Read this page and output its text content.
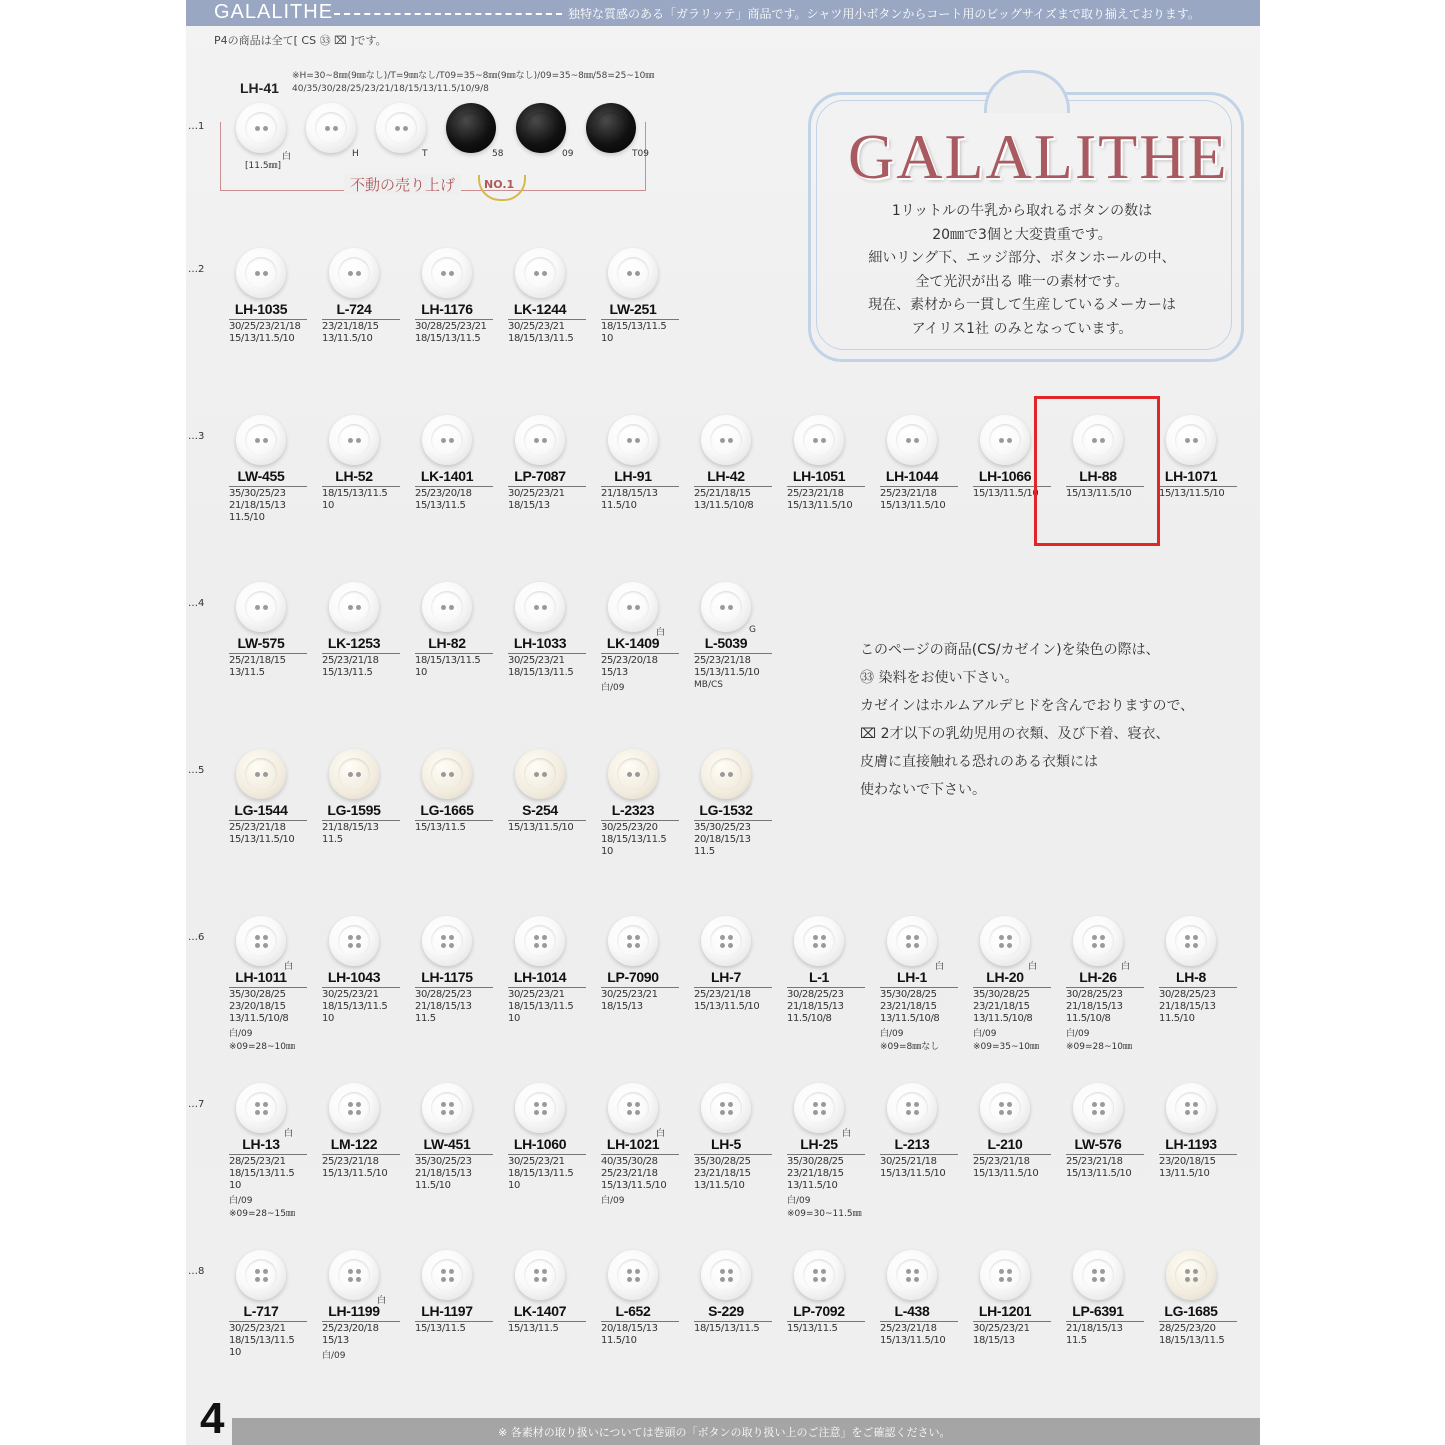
GALALITHE	独特な質感のある「ガラリッテ」商品です。シャツ用小ボタンからコート用のビッグサイズまで取り揃えております。
P4の商品は全て[ CS ㉝ ⌧ ]です。
LH-41
※H=30~8㎜(9㎜なし)/T=9㎜なし/T09=35~8㎜(9㎜なし)/09=35~8㎜/58=25~10㎜
40/35/30/28/25/23/21/18/15/13/11.5/10/9/8
不動の売り上げ	NO.1
白	H	T	58	09	T09
[11.5㎜]	GALALITHE
1リットルの牛乳から取れるボタンの数は
20㎜で3個と大変貴重です。
細いリング下、エッジ部分、ボタンホールの中、
全て光沢が出る 唯一の素材です。
現在、素材から一貫して生産しているメーカーは
アイリス1社 のみとなっています。
このページの商品(CS/カゼイン)を染色の際は、
㉝ 染料をお使い下さい。
カゼインはホルムアルデヒドを含んでおりますので、
⌧ 2才以下の乳幼児用の衣類、及び下着、寝衣、
皮膚に直接触れる恐れのある衣類には
使わないで下さい。
…1
…2
LH-1035
30/25/23/21/18
15/13/11.5/10
L-724
23/21/18/15
13/11.5/10
LH-1176
30/28/25/23/21
18/15/13/11.5
LK-1244
30/25/23/21
18/15/13/11.5
LW-251
18/15/13/11.5
10
…3
LW-455
35/30/25/23
21/18/15/13
11.5/10
LH-52
18/15/13/11.5
10
LK-1401
25/23/20/18
15/13/11.5
LP-7087
30/25/23/21
18/15/13
LH-91
21/18/15/13
11.5/10
LH-42
25/21/18/15
13/11.5/10/8
LH-1051
25/23/21/18
15/13/11.5/10
LH-1044
25/23/21/18
15/13/11.5/10
LH-1066
15/13/11.5/10
LH-88
15/13/11.5/10
LH-1071
15/13/11.5/10
…4
LW-575
25/21/18/15
13/11.5
LK-1253
25/23/21/18
15/13/11.5
LH-82
18/15/13/11.5
10
LH-1033
30/25/23/21
18/15/13/11.5
白
LK-1409
25/23/20/18
15/13
白/09
G
L-5039
25/23/21/18
15/13/11.5/10
MB/CS
…5
LG-1544
25/23/21/18
15/13/11.5/10
LG-1595
21/18/15/13
11.5
LG-1665
15/13/11.5
S-254
15/13/11.5/10
L-2323
30/25/23/20
18/15/13/11.5
10
LG-1532
35/30/25/23
20/18/15/13
11.5
…6
白
LH-1011
35/30/28/25
23/20/18/15
13/11.5/10/8
白/09
※09=28~10㎜
LH-1043
30/25/23/21
18/15/13/11.5
10
LH-1175
30/28/25/23
21/18/15/13
11.5
LH-1014
30/25/23/21
18/15/13/11.5
10
LP-7090
30/25/23/21
18/15/13
LH-7
25/23/21/18
15/13/11.5/10
L-1
30/28/25/23
21/18/15/13
11.5/10/8
白
LH-1
35/30/28/25
23/21/18/15
13/11.5/10/8
白/09
※09=8㎜なし
白
LH-20
35/30/28/25
23/21/18/15
13/11.5/10/8
白/09
※09=35~10㎜
白
LH-26
30/28/25/23
21/18/15/13
11.5/10/8
白/09
※09=28~10㎜
LH-8
30/28/25/23
21/18/15/13
11.5/10
…7
白
LH-13
28/25/23/21
18/15/13/11.5
10
白/09
※09=28~15㎜
LM-122
25/23/21/18
15/13/11.5/10
LW-451
35/30/25/23
21/18/15/13
11.5/10
LH-1060
30/25/23/21
18/15/13/11.5
10
白
LH-1021
40/35/30/28
25/23/21/18
15/13/11.5/10
白/09
LH-5
35/30/28/25
23/21/18/15
13/11.5/10
白
LH-25
35/30/28/25
23/21/18/15
13/11.5/10
白/09
※09=30~11.5㎜
L-213
30/25/21/18
15/13/11.5/10
L-210
25/23/21/18
15/13/11.5/10
LW-576
25/23/21/18
15/13/11.5/10
LH-1193
23/20/18/15
13/11.5/10
…8
L-717
30/25/23/21
18/15/13/11.5
10
白
LH-1199
25/23/20/18
15/13
白/09
LH-1197
15/13/11.5
LK-1407
15/13/11.5
L-652
20/18/15/13
11.5/10
S-229
18/15/13/11.5
LP-7092
15/13/11.5
L-438
25/23/21/18
15/13/11.5/10
LH-1201
30/25/23/21
18/15/13
LP-6391
21/18/15/13
11.5
LG-1685
28/25/23/20
18/15/13/11.5
4	※ 各素材の取り扱いについては巻頭の「ボタンの取り扱い上のご注意」をご確認ください。
